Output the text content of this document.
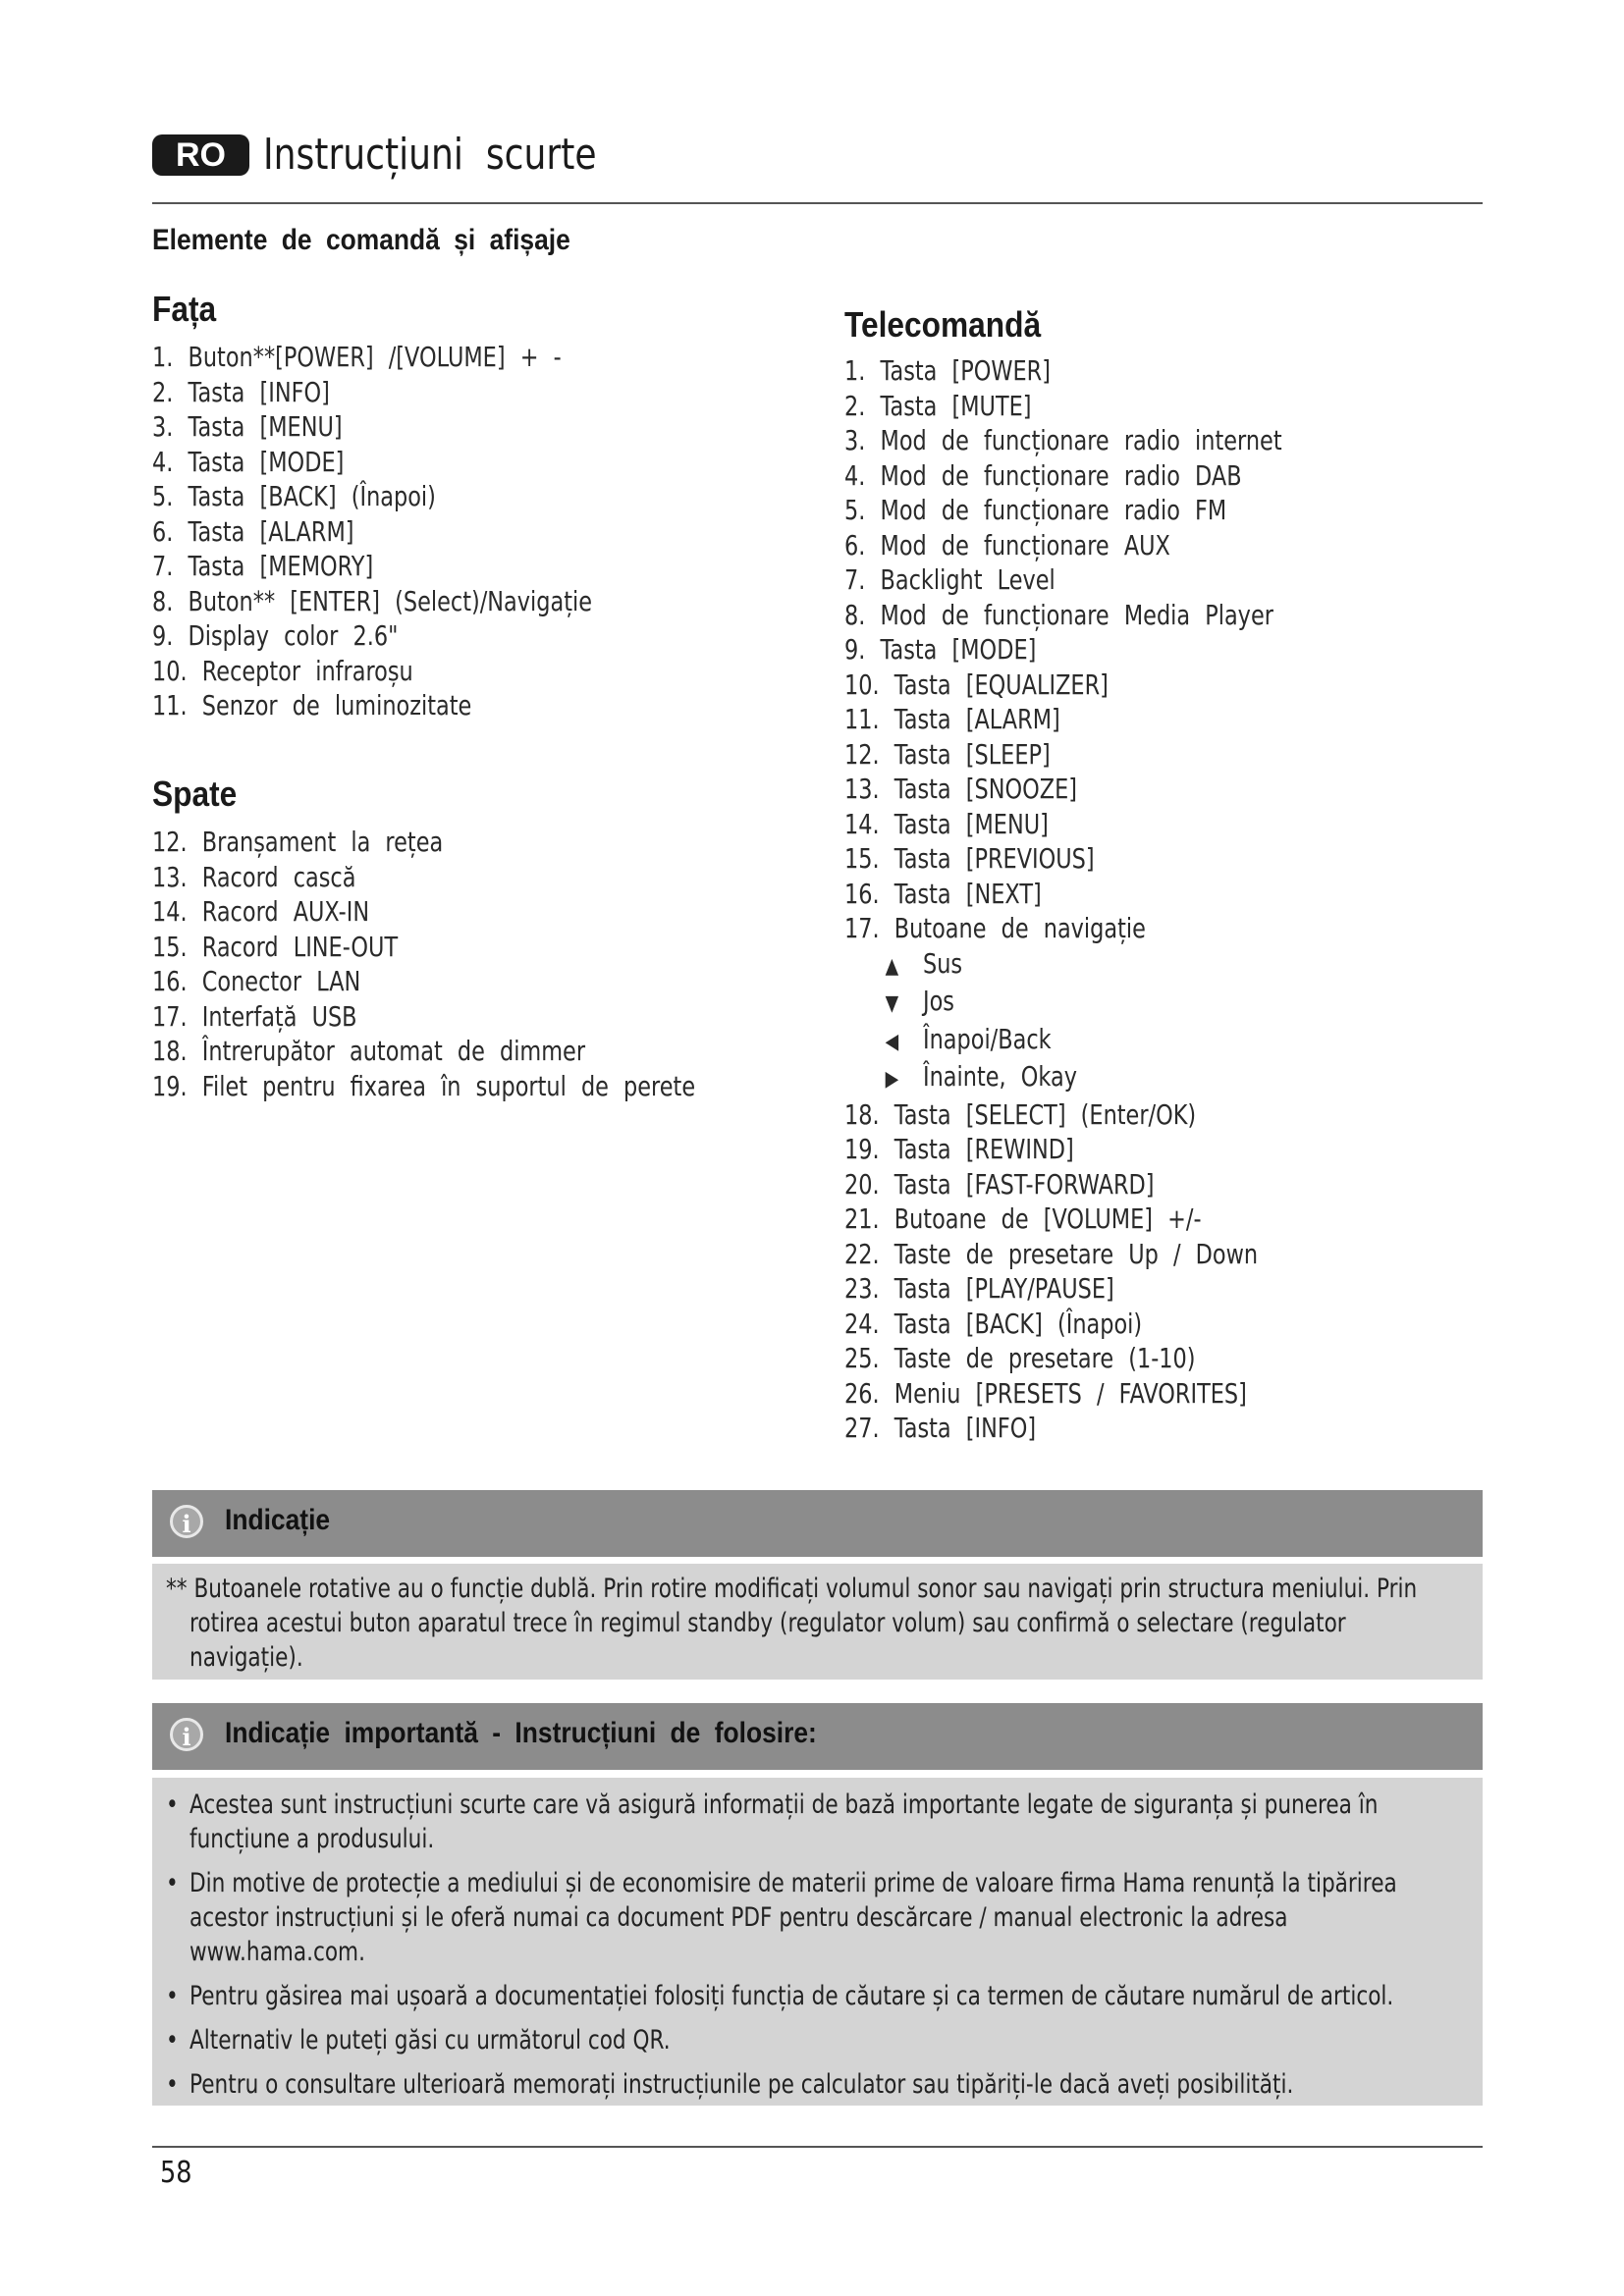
RO Instrucțiuni scurte
Elemente de comandă și afișaje
Fața
1. Buton**[POWER] /[VOLUME] + -
2. Tasta [INFO]
3. Tasta [MENU]
4. Tasta [MODE]
5. Tasta [BACK] (Înapoi)
6. Tasta [ALARM]
7. Tasta [MEMORY]
8. Buton** [ENTER] (Select)/Navigație
9. Display color 2.6"
10. Receptor infraroșu
11. Senzor de luminozitate
Spate
12. Branșament la rețea
13. Racord cască
14. Racord AUX-IN
15. Racord LINE-OUT
16. Conector LAN
17. Interfață USB
18. Întrerupător automat de dimmer
19. Filet pentru fixarea în suportul de perete
Telecomandă
1. Tasta [POWER]
2. Tasta [MUTE]
3. Mod de funcționare radio internet
4. Mod de funcționare radio DAB
5. Mod de funcționare radio FM
6. Mod de funcționare AUX
7. Backlight Level
8. Mod de funcționare Media Player
9. Tasta [MODE]
10. Tasta [EQUALIZER]
11. Tasta [ALARM]
12. Tasta [SLEEP]
13. Tasta [SNOOZE]
14. Tasta [MENU]
15. Tasta [PREVIOUS]
16. Tasta [NEXT]
17. Butoane de navigație
▲ Sus
▼ Jos
◀ Înapoi/Back
▶ Înainte, Okay
18. Tasta [SELECT] (Enter/OK)
19. Tasta [REWIND]
20. Tasta [FAST-FORWARD]
21. Butoane de [VOLUME] +/-
22. Taste de presetare Up / Down
23. Tasta [PLAY/PAUSE]
24. Tasta [BACK] (Înapoi)
25. Taste de presetare (1-10)
26. Meniu [PRESETS / FAVORITES]
27. Tasta [INFO]
i	Indicație

** Butoanele rotative au o funcție dublă. Prin rotire modificați volumul sonor sau navigați prin structura meniului. Prin rotirea acestui buton aparatul trece în regimul standby (regulator volum) sau confirmă o selectare (regulator navigație).

i	Indicație importantă - Instrucțiuni de folosire:
• Acestea sunt instrucțiuni scurte care vă asigură informații de bază importante legate de siguranța și punerea în funcțiune a produsului.
• Din motive de protecție a mediului și de economisire de materii prime de valoare firma Hama renunță la tipărirea acestor instrucțiuni și le oferă numai ca document PDF pentru descărcare / manual electronic la adresa www.hama.com.
• Pentru găsirea mai ușoară a documentației folosiți funcția de căutare și ca termen de căutare numărul de articol.
• Alternativ le puteți găsi cu următorul cod QR.
• Pentru o consultare ulterioară memorați instrucțiunile pe calculator sau tipăriți-le dacă aveți posibilități.
58
